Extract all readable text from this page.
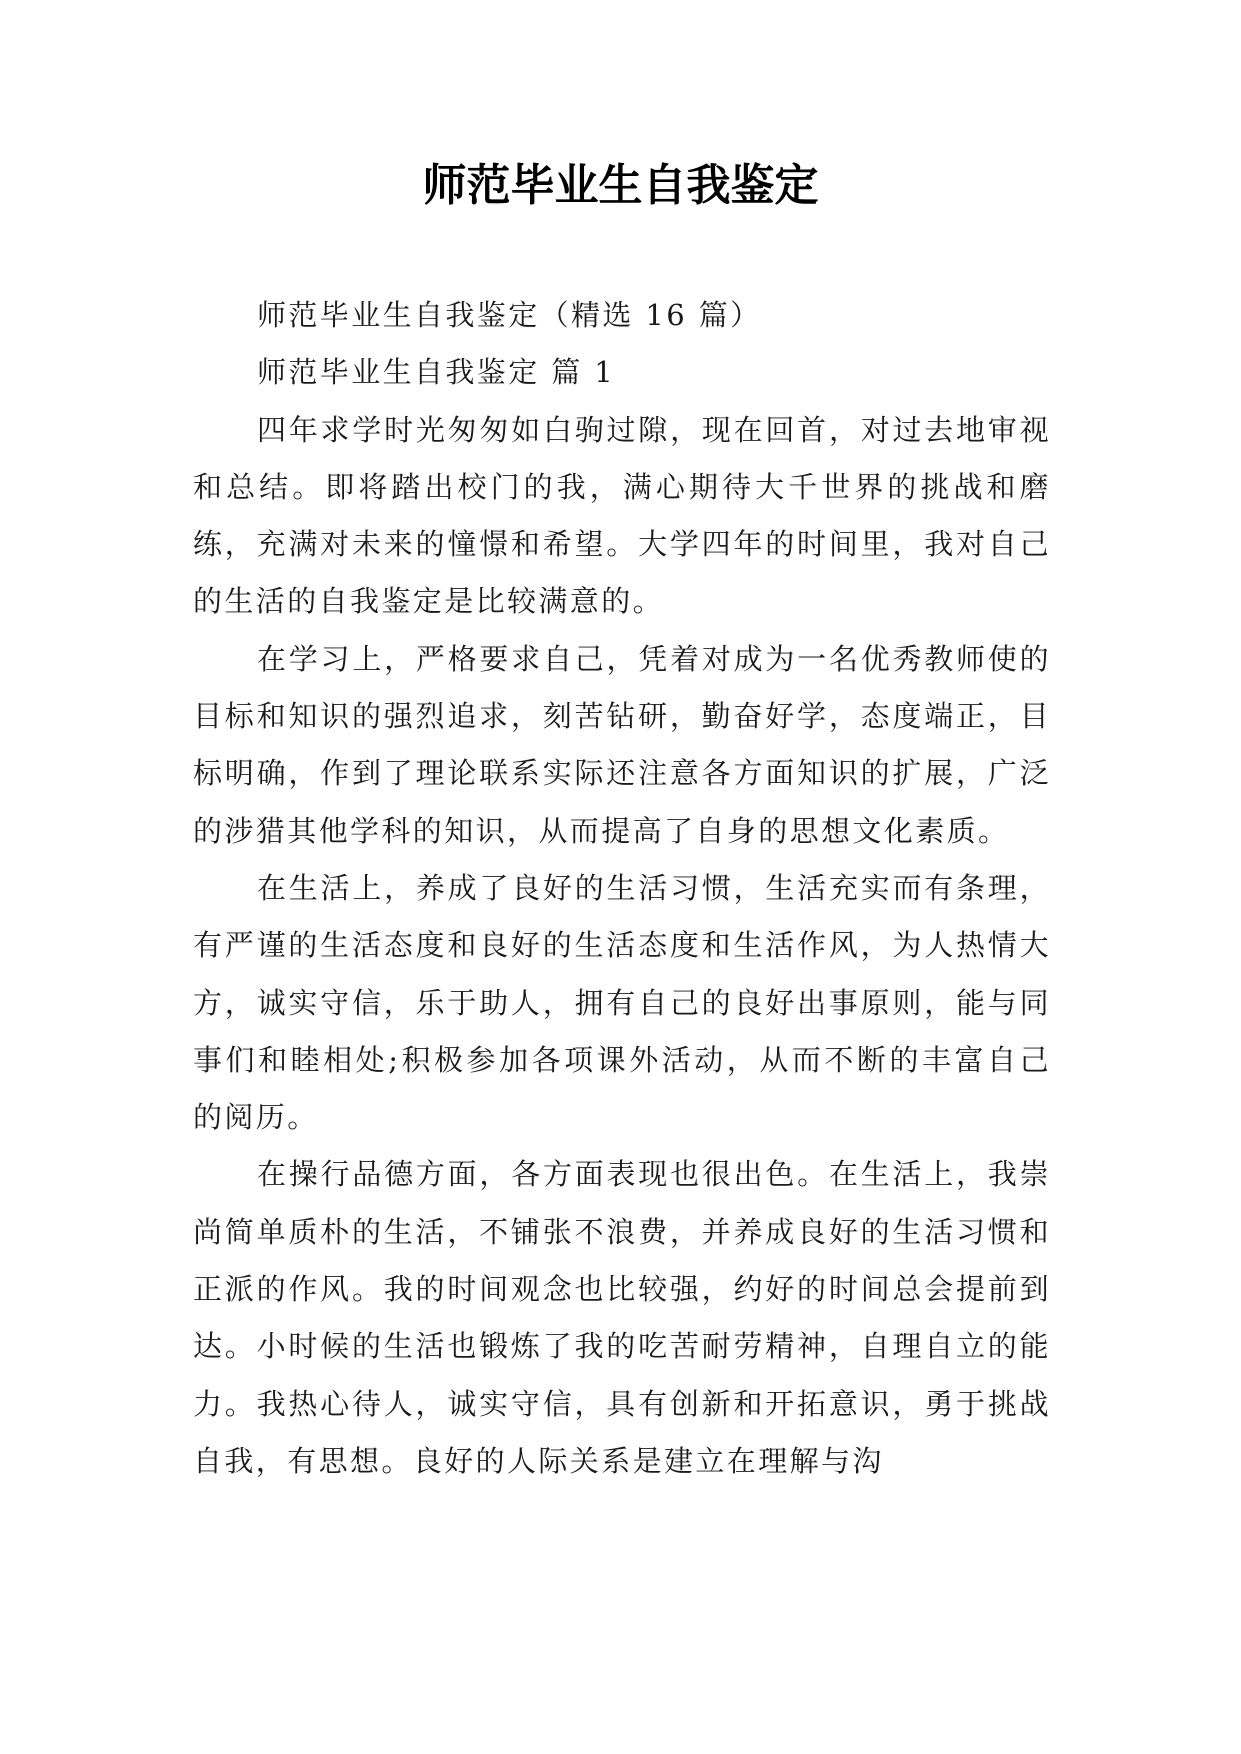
师范毕业生自我鉴定

师范毕业生自我鉴定（精选 16 篇）

师范毕业生自我鉴定 篇 1

四年求学时光匆匆如白驹过隙，现在回首，对过去地审视和总结。即将踏出校门的我，满心期待大千世界的挑战和磨练，充满对未来的憧憬和希望。大学四年的时间里，我对自己的生活的自我鉴定是比较满意的。

在学习上，严格要求自己，凭着对成为一名优秀教师使的目标和知识的强烈追求，刻苦钻研，勤奋好学，态度端正，目标明确，作到了理论联系实际还注意各方面知识的扩展，广泛的涉猎其他学科的知识，从而提高了自身的思想文化素质。

在生活上，养成了良好的生活习惯，生活充实而有条理，有严谨的生活态度和良好的生活态度和生活作风，为人热情大方，诚实守信，乐于助人，拥有自己的良好出事原则，能与同事们和睦相处;积极参加各项课外活动，从而不断的丰富自己的阅历。

在操行品德方面，各方面表现也很出色。在生活上，我崇尚简单质朴的生活，不铺张不浪费，并养成良好的生活习惯和正派的作风。我的时间观念也比较强，约好的时间总会提前到达。小时候的生活也锻炼了我的吃苦耐劳精神，自理自立的能力。我热心待人，诚实守信，具有创新和开拓意识，勇于挑战自我，有思想。良好的人际关系是建立在理解与沟
